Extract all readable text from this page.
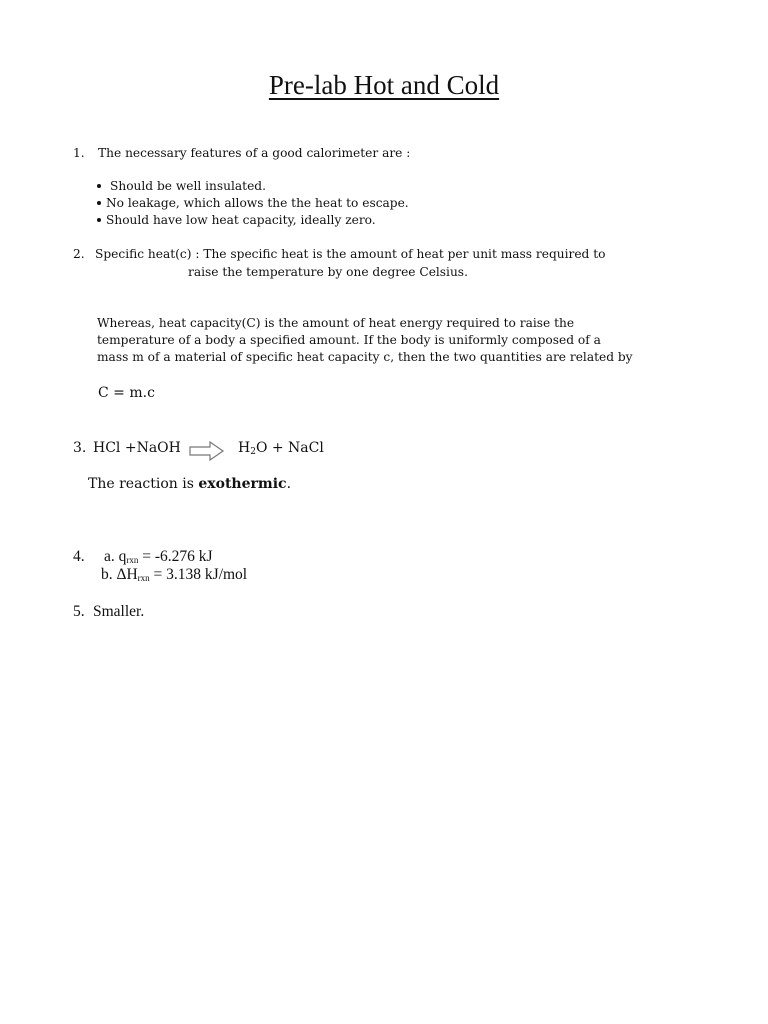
Pre-lab Hot and Cold
1. The necessary features of a good calorimeter are :
Should be well insulated.
No leakage, which allows the the heat to escape.
Should have low heat capacity, ideally zero.
2. Specific heat(c) : The specific heat is the amount of heat per unit mass required to
raise the temperature by one degree Celsius.
Whereas, heat capacity(C) is the amount of heat energy required to raise the
temperature of a body a specified amount. If the body is uniformly composed of a
mass m of a material of specific heat capacity c, then the two quantities are related by
C = m.c
3. HCl +NaOH	$H_2O$ + NaCl
The reaction is exothermic.
4. a. $q_{rxn} = -6.276$ kJ
b. $\Delta H_{rxn} = 3.138$ kJ/mol
5. Smaller.
